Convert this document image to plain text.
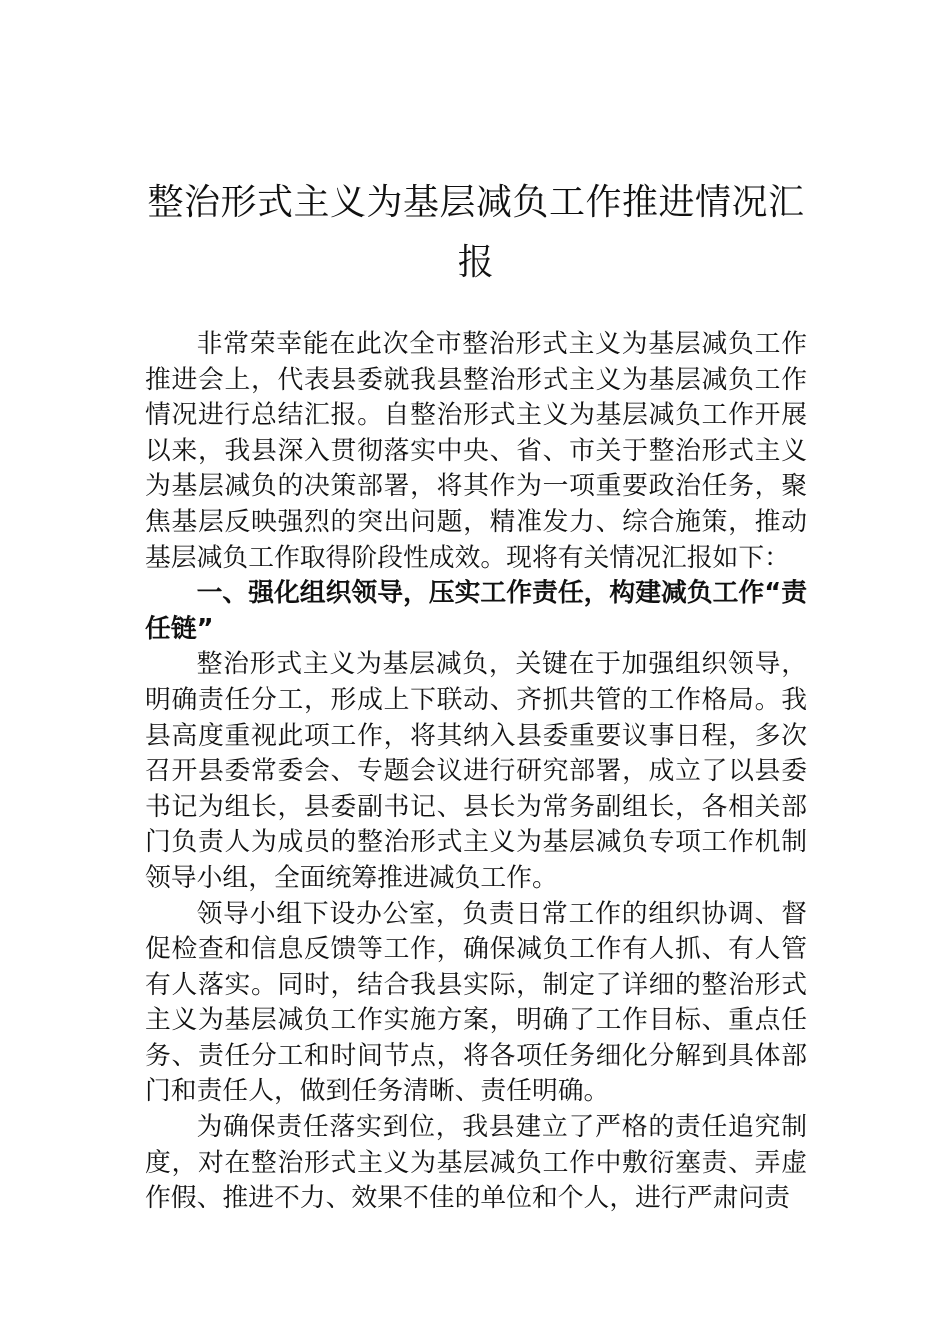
整治形式主义为基层减负工作推进情况汇报

非常荣幸能在此次全市整治形式主义为基层减负工作推进会上，代表县委就我县整治形式主义为基层减负工作情况进行总结汇报。自整治形式主义为基层减负工作开展以来，我县深入贯彻落实中央、省、市关于整治形式主义为基层减负的决策部署，将其作为一项重要政治任务，聚焦基层反映强烈的突出问题，精准发力、综合施策，推动基层减负工作取得阶段性成效。现将有关情况汇报如下：

一、强化组织领导，压实工作责任，构建减负工作“责任链”

整治形式主义为基层减负，关键在于加强组织领导，明确责任分工，形成上下联动、齐抓共管的工作格局。我县高度重视此项工作，将其纳入县委重要议事日程，多次召开县委常委会、专题会议进行研究部署，成立了以县委书记为组长，县委副书记、县长为常务副组长，各相关部门负责人为成员的整治形式主义为基层减负专项工作机制领导小组，全面统筹推进减负工作。

领导小组下设办公室，负责日常工作的组织协调、督促检查和信息反馈等工作，确保减负工作有人抓、有人管有人落实。同时，结合我县实际，制定了详细的整治形式主义为基层减负工作实施方案，明确了工作目标、重点任务、责任分工和时间节点，将各项任务细化分解到具体部门和责任人，做到任务清晰、责任明确。

为确保责任落实到位，我县建立了严格的责任追究制度，对在整治形式主义为基层减负工作中敷衍塞责、弄虚作假、推进不力、效果不佳的单位和个人，进行严肃问责
